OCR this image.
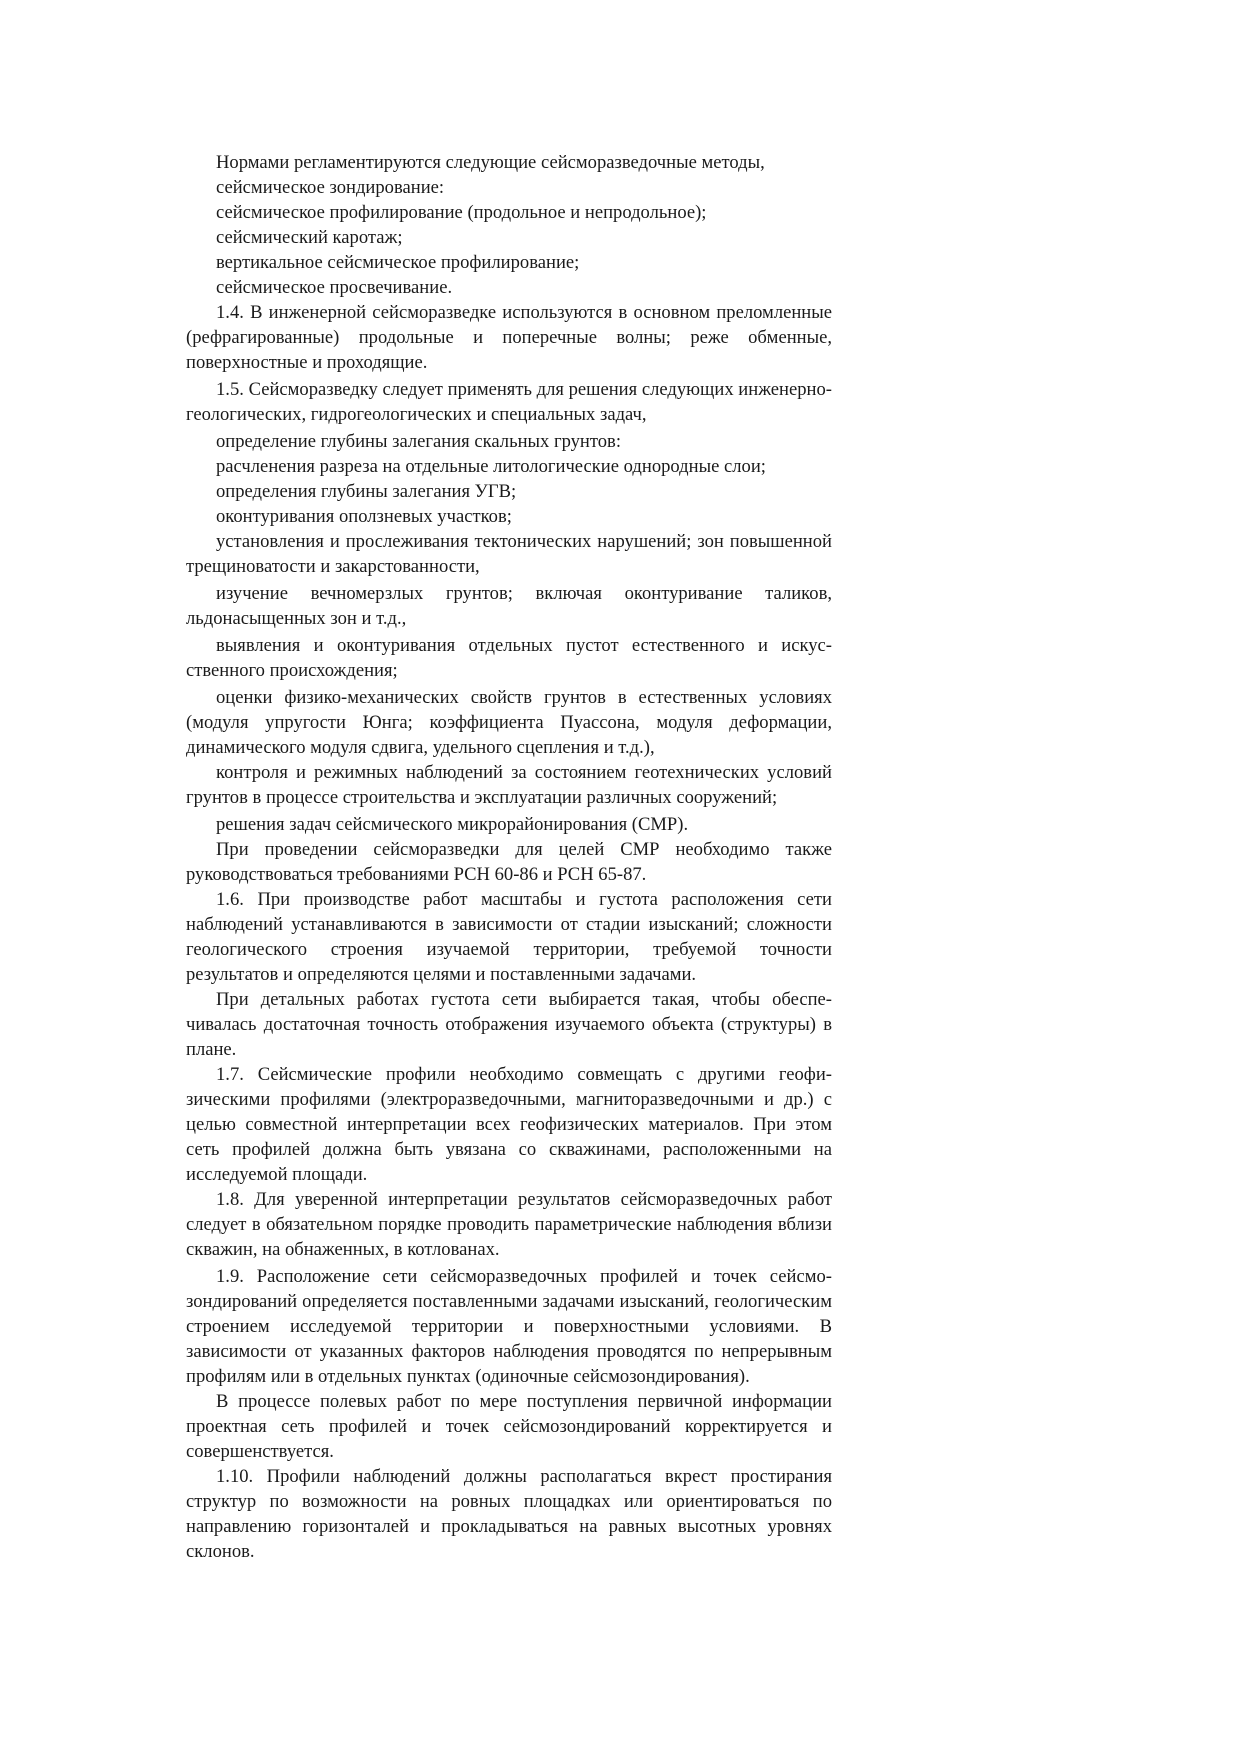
Нормами регламентируются следующие сейсморазведочные методы,

сейсмическое зондирование:

сейсмическое профилирование (продольное и непродольное);

сейсмический каротаж;

вертикальное сейсмическое профилирование;

сейсмическое просвечивание.

1.4. В инженерной сейсморазведке используются в основном преломленные (рефрагированные) продольные и поперечные волны; реже обменные, поверхностные и проходящие.

1.5. Сейсморазведку следует применять для решения следующих инженерно-геологических, гидрогеологических и специальных задач,

определение глубины залегания скальных грунтов:

расчленения разреза на отдельные литологические однородные слои;

определения глубины залегания УГВ;

оконтуривания оползневых участков;

установления и прослеживания тектонических нарушений; зон повышенной трещиноватости и закарстованности,

изучение вечномерзлых грунтов; включая оконтуривание таликов, льдонасыщенных зон и т.д.,

выявления и оконтуривания отдельных пустот естественного и искусственного происхождения;

оценки физико-механических свойств грунтов в естественных условиях (модуля упругости Юнга; коэффициента Пуассона, модуля деформации, динамического модуля сдвига, удельного сцепления и т.д.),

контроля и режимных наблюдений за состоянием геотехнических условий грунтов в процессе строительства и эксплуатации различных сооружений;

решения задач сейсмического микрорайонирования (СМР).

При проведении сейсморазведки для целей СМР необходимо также руководствоваться требованиями РСН 60-86 и РСН 65-87.

1.6. При производстве работ масштабы и густота расположения сети наблюдений устанавливаются в зависимости от стадии изысканий; сложности геологического строения изучаемой территории, требуемой точности результатов и определяются целями и поставленными задачами.

При детальных работах густота сети выбирается такая, чтобы обеспечивалась достаточная точность отображения изучаемого объекта (структуры) в плане.

1.7. Сейсмические профили необходимо совмещать с другими геофизическими профилями (электроразведочными, магниторазведочными и др.) с целью совместной интерпретации всех геофизических материалов. При этом сеть профилей должна быть увязана со скважинами, расположенными на исследуемой площади.

1.8. Для уверенной интерпретации результатов сейсморазведочных работ следует в обязательном порядке проводить параметрические наблюдения вблизи скважин, на обнаженных, в котлованах.

1.9. Расположение сети сейсморазведочных профилей и точек сейсмозондирований определяется поставленными задачами изысканий, геологическим строением исследуемой территории и поверхностными условиями. В зависимости от указанных факторов наблюдения проводятся по непрерывным профилям или в отдельных пунктах (одиночные сейсмозондирования).

В процессе полевых работ по мере поступления первичной информации проектная сеть профилей и точек сейсмозондирований корректируется и совершенствуется.

1.10. Профили наблюдений должны располагаться вкрест простирания структур по возможности на ровных площадках или ориентироваться по направлению горизонталей и прокладываться на равных высотных уровнях склонов.
